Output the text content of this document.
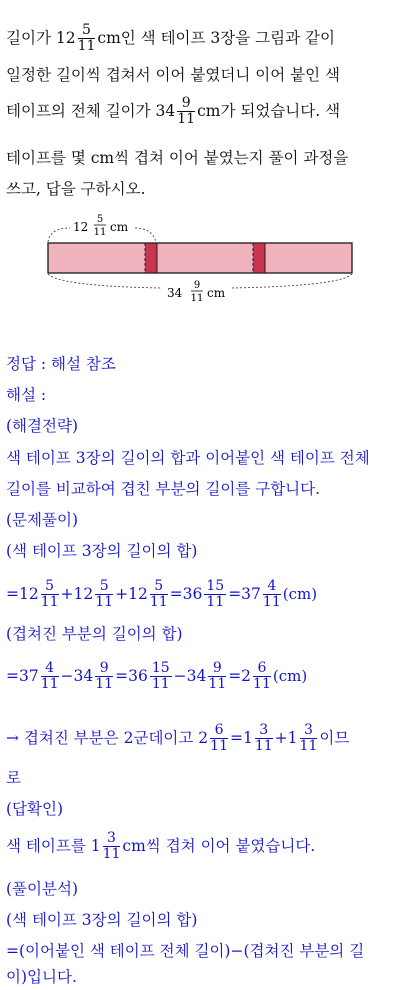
길이가 $12 \frac{5}{11}$ cm인 색 테이프 3장을 그림과 같이
일정한 길이씩 겹쳐서 이어 붙였더니 이어 붙인 색
테이프의 전체 길이가 $34 \frac{9}{11}$ cm가 되었습니다. 색
테이프를 몇 cm씩 겹쳐 이어 붙였는지 풀이 과정을
쓰고, 답을 구하시오.
12
5
11 cm
34
9
11 cm
정답 : 해설 참조
해설 :
(해결전략)
색 테이프 3장의 길이의 합과 이어붙인 색 테이프 전체
길이를 비교하여 겹친 부분의 길이를 구합니다.
(문제풀이)
(색 테이프 3장의 길이의 합)
$=12 \frac{5}{11} +12 \frac{5}{11} +12 \frac{5}{11} =36 \frac{15}{11} =37 \frac{4}{11} (cm)$
(겹쳐진 부분의 길이의 합)
$=37 \frac{4}{11} -34 \frac{9}{11} =36 \frac{15}{11} -34 \frac{9}{11} =2 \frac{6}{11} (cm)$
→ 겹쳐진 부분은 2군데이고 $2 \frac{6}{11} =1 \frac{3}{11} +1 \frac{3}{11}$ 이므
로
(답확인)
색 테이프를 $1 \frac{3}{11}$ cm씩 겹쳐 이어 붙였습니다.
(풀이분석)
(색 테이프 3장의 길이의 합)
=(이어붙인 색 테이프 전체 길이)−(겹쳐진 부분의 길
이)입니다.
